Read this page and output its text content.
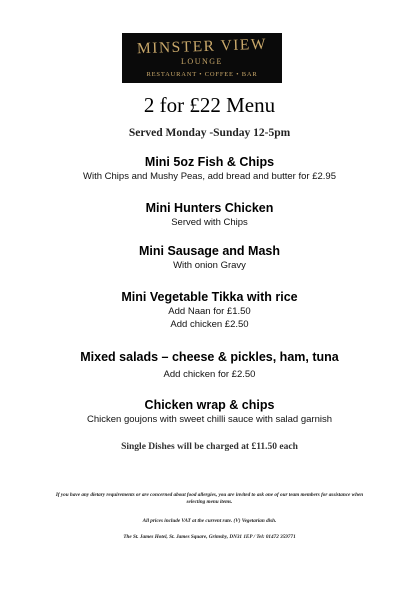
MINSTER VIEW
LOUNGE
RESTAURANT • COFFEE • BAR
2 for £22 Menu
Served Monday -Sunday 12-5pm
Mini 5oz Fish & Chips
With Chips and Mushy Peas, add bread and butter for £2.95
Mini Hunters Chicken
Served with Chips
Mini Sausage and Mash
With onion Gravy
Mini Vegetable Tikka with rice
Add Naan for £1.50
Add chicken £2.50
Mixed salads – cheese & pickles, ham, tuna
Add chicken for £2.50
Chicken wrap & chips
Chicken goujons with sweet chilli sauce with salad garnish
Single Dishes will be charged at £11.50 each
If you have any dietary requirements or are concerned about food allergies, you are invited to ask one of our team members for assistance when selecting menu items.
All prices include VAT at the current rate. (V) Vegetarian dish.
The St. James Hotel, St. James Square, Grimsby, DN31 1EP / Tel: 01472 359771
